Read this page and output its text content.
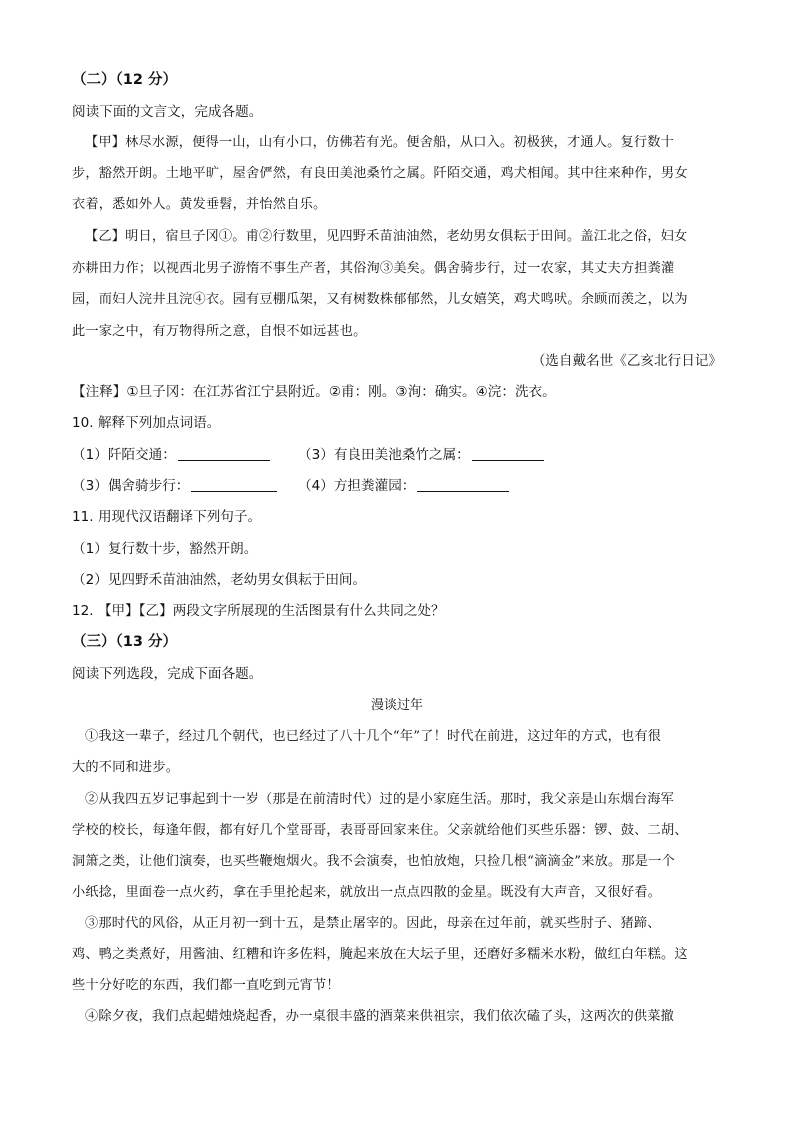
（二）（12 分）
阅读下面的文言文，完成各题。
【甲】林尽水源，便得一山，山有小口，仿佛若有光。便舍船，从口入。初极狭，才通人。复行数十
步，豁然开朗。土地平旷，屋舍俨然，有良田美池桑竹之属。阡陌交通，鸡犬相闻。其中往来种作，男女
衣着，悉如外人。黄发垂髫，并怡然自乐。
【乙】明日，宿旦子冈①。甫②行数里，见四野禾苗油油然，老幼男女俱耘于田间。盖江北之俗，妇女
亦耕田力作；以视西北男子游惰不事生产者，其俗洵③美矣。偶舍骑步行，过一农家，其丈夫方担粪灌
园，而妇人浣井且浣④衣。园有豆棚瓜架，又有树数株郁郁然，儿女嬉笑，鸡犬鸣吠。余顾而羡之，以为
此一家之中，有万物得所之意，自恨不如远甚也。
（选自戴名世《乙亥北行日记》
【注释】①旦子冈：在江苏省江宁县附近。②甫：刚。③洵：确实。④浣：洗衣。
10. 解释下列加点词语。
（1）阡陌交通：	（3）有良田美池桑竹之属：
（3）偶舍骑步行：	（4）方担粪灌园：
11. 用现代汉语翻译下列句子。
（1）复行数十步，豁然开朗。
（2）见四野禾苗油油然，老幼男女俱耘于田间。
12. 【甲】【乙】两段文字所展现的生活图景有什么共同之处？
（三）（13 分）
阅读下列选段，完成下面各题。
漫谈过年
①我这一辈子，经过几个朝代，也已经过了八十几个“年”了！时代在前进，这过年的方式，也有很
大的不同和进步。
②从我四五岁记事起到十一岁（那是在前清时代）过的是小家庭生活。那时，我父亲是山东烟台海军
学校的校长，每逢年假，都有好几个堂哥哥，表哥哥回家来住。父亲就给他们买些乐器：锣、鼓、二胡、
洞箫之类，让他们演奏，也买些鞭炮烟火。我不会演奏，也怕放炮，只捡几根“滴滴金”来放。那是一个
小纸捻，里面卷一点火药，拿在手里抡起来，就放出一点点四散的金星。既没有大声音，又很好看。
③那时代的风俗，从正月初一到十五，是禁止屠宰的。因此，母亲在过年前，就买些肘子、猪蹄、
鸡、鸭之类煮好，用酱油、红糟和许多佐料，腌起来放在大坛子里，还磨好多糯米水粉，做红白年糕。这
些十分好吃的东西，我们都一直吃到元宵节！
④除夕夜，我们点起蜡烛烧起香，办一桌很丰盛的酒菜来供祖宗，我们依次磕了头，这两次的供菜撤
